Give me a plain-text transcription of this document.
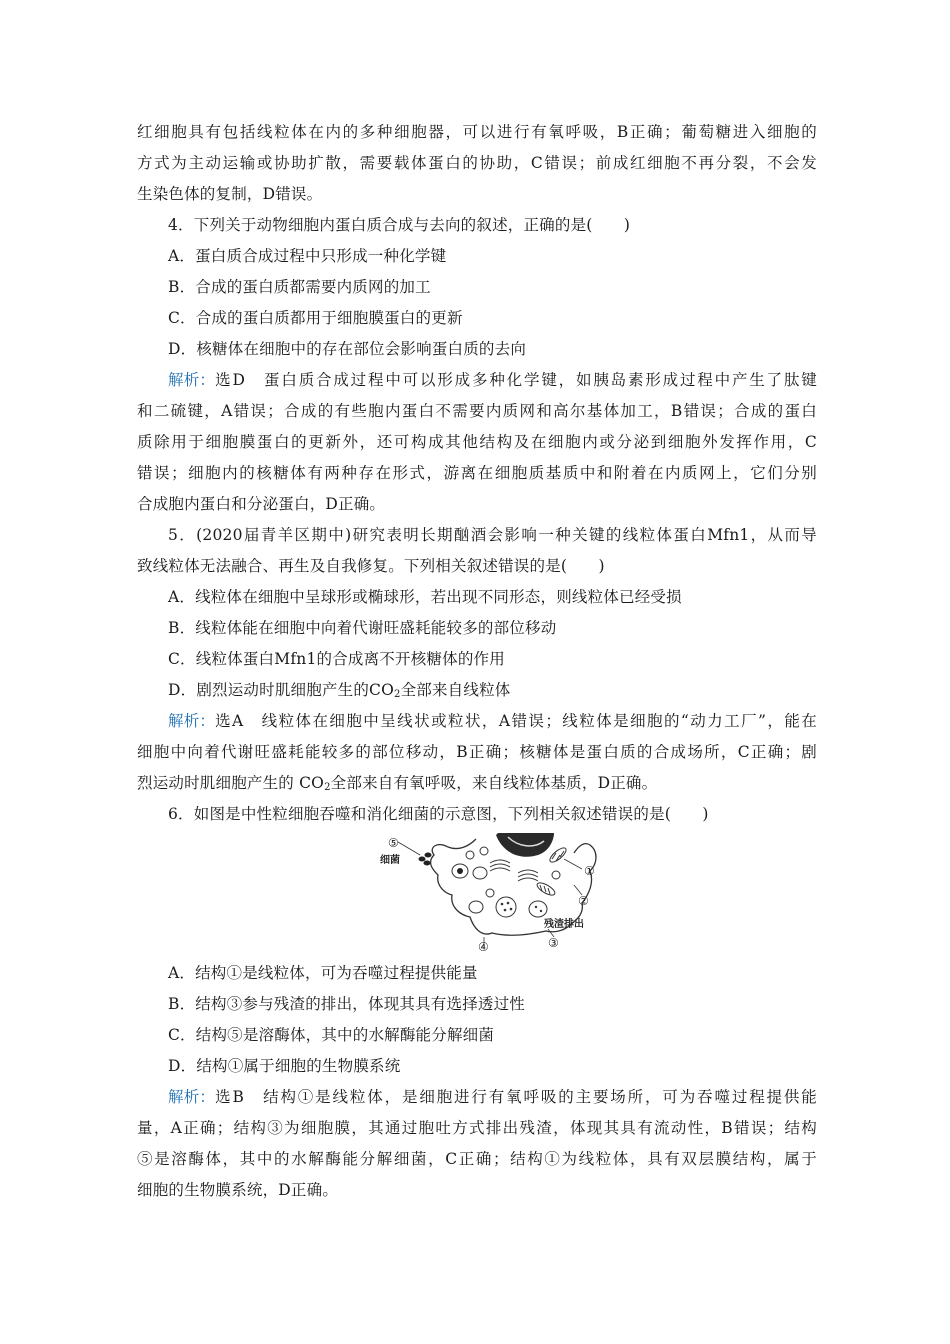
红细胞具有包括线粒体在内的多种细胞器，可以进行有氧呼吸，B正确；葡萄糖进入细胞的
方式为主动运输或协助扩散，需要载体蛋白的协助，C错误；前成红细胞不再分裂，不会发
生染色体的复制，D错误。
4．下列关于动物细胞内蛋白质合成与去向的叙述，正确的是(　　)
A．蛋白质合成过程中只形成一种化学键
B．合成的蛋白质都需要内质网的加工
C．合成的蛋白质都用于细胞膜蛋白的更新
D．核糖体在细胞中的存在部位会影响蛋白质的去向
解析： 选D　蛋白质合成过程中可以形成多种化学键，如胰岛素形成过程中产生了肽键
和二硫键，A错误；合成的有些胞内蛋白不需要内质网和高尔基体加工，B错误；合成的蛋白
质除用于细胞膜蛋白的更新外，还可构成其他结构及在细胞内或分泌到细胞外发挥作用，C
错误；细胞内的核糖体有两种存在形式，游离在细胞质基质中和附着在内质网上，它们分别
合成胞内蛋白和分泌蛋白，D正确。
5．(2020届青羊区期中)研究表明长期酗酒会影响一种关键的线粒体蛋白Mfn1，从而导
致线粒体无法融合、再生及自我修复。下列相关叙述错误的是(　　)
A．线粒体在细胞中呈球形或椭球形，若出现不同形态，则线粒体已经受损
B．线粒体能在细胞中向着代谢旺盛耗能较多的部位移动
C．线粒体蛋白Mfn1的合成离不开核糖体的作用
D．剧烈运动时肌细胞产生的$CO_2$全部来自线粒体
解析： 选A　线粒体在细胞中呈线状或粒状，A错误；线粒体是细胞的“动力工厂”，能在
细胞中向着代谢旺盛耗能较多的部位移动，B正确；核糖体是蛋白质的合成场所，C正确；剧
烈运动时肌细胞产生的 $CO_2$全部来自有氧呼吸，来自线粒体基质，D正确。
6．如图是中性粒细胞吞噬和消化细菌的示意图，下列相关叙述错误的是(　　)
细菌
残渣排出
⑤
①
②
③
④
A．结构①是线粒体，可为吞噬过程提供能量
B．结构③参与残渣的排出，体现其具有选择透过性
C．结构⑤是溶酶体，其中的水解酶能分解细菌
D．结构①属于细胞的生物膜系统
解析： 选B　结构①是线粒体，是细胞进行有氧呼吸的主要场所，可为吞噬过程提供能
量，A正确；结构③为细胞膜，其通过胞吐方式排出残渣，体现其具有流动性，B错误；结构
⑤是溶酶体，其中的水解酶能分解细菌，C正确；结构①为线粒体，具有双层膜结构，属于
细胞的生物膜系统，D正确。
